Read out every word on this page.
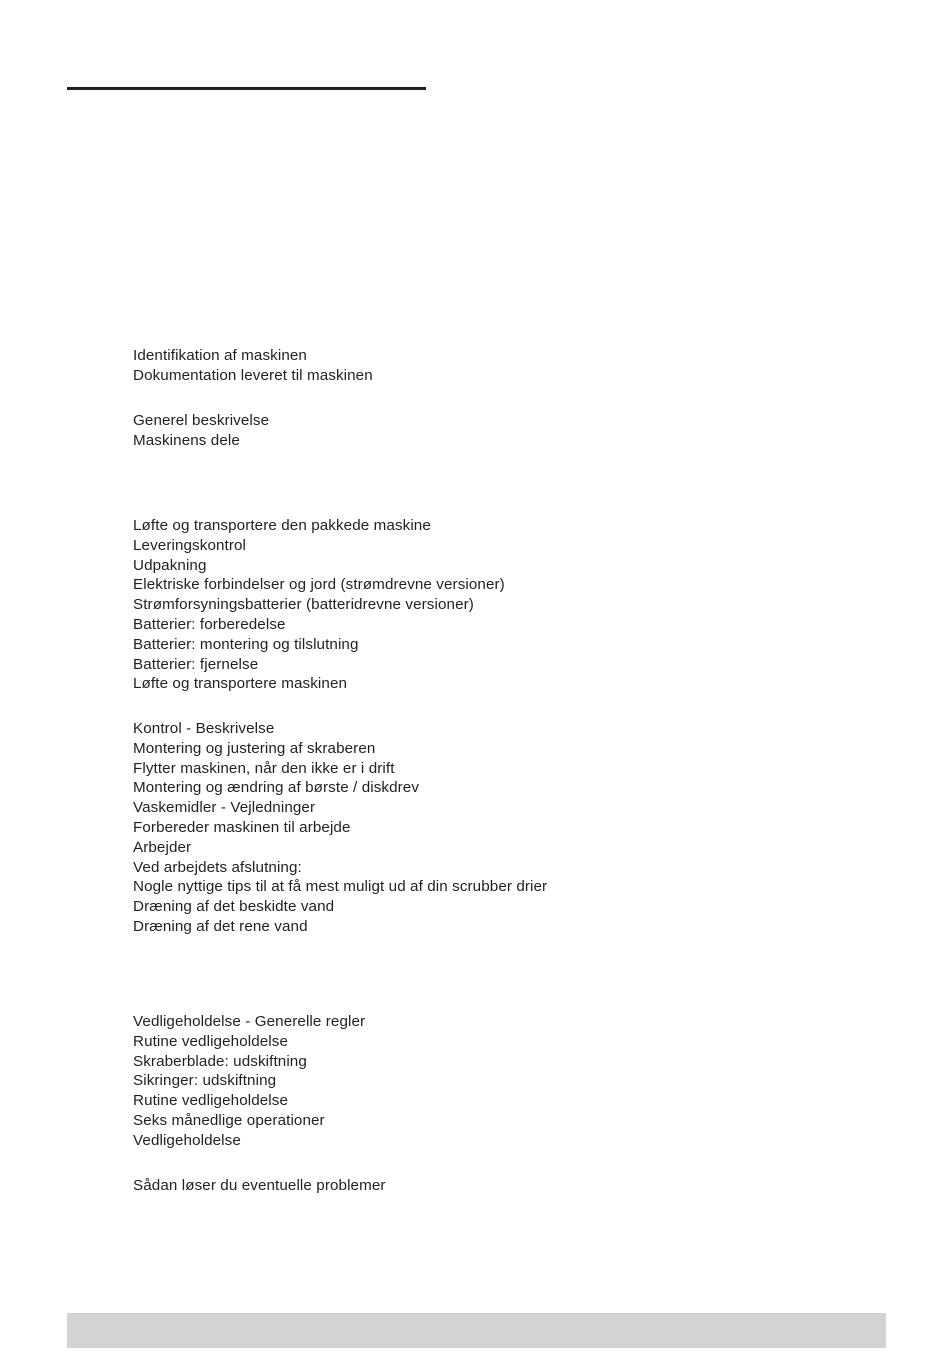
Identifikation af maskinen
Dokumentation leveret til maskinen
Generel beskrivelse
Maskinens dele
Løfte og transportere den pakkede maskine
Leveringskontrol
Udpakning
Elektriske forbindelser og jord (strømdrevne versioner)
Strømforsyningsbatterier (batteridrevne versioner)
Batterier: forberedelse
Batterier: montering og tilslutning
Batterier: fjernelse
Løfte og transportere maskinen
Kontrol - Beskrivelse
Montering og justering af skraberen
Flytter maskinen, når den ikke er i drift
Montering og ændring af børste / diskdrev
Vaskemidler - Vejledninger
Forbereder maskinen til arbejde
Arbejder
Ved arbejdets afslutning:
Nogle nyttige tips til at få mest muligt ud af din scrubber drier
Dræning af det beskidte vand
Dræning af det rene vand
Vedligeholdelse - Generelle regler
Rutine vedligeholdelse
Skraberblade: udskiftning
Sikringer: udskiftning
Rutine vedligeholdelse
Seks månedlige operationer
Vedligeholdelse
Sådan løser du eventuelle problemer
